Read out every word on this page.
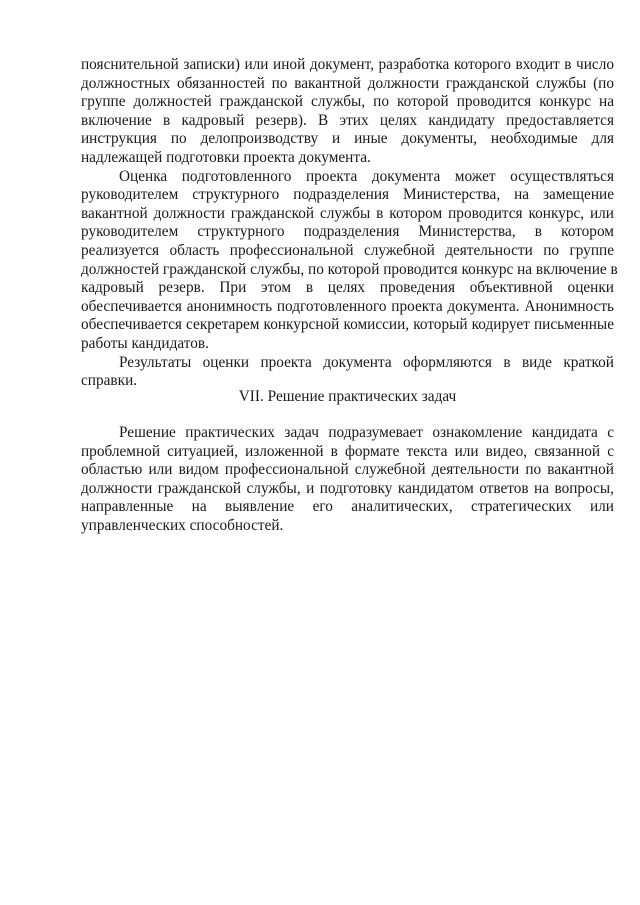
пояснительной записки) или иной документ, разработка которого входит в число
должностных обязанностей по вакантной должности гражданской службы (по
группе должностей гражданской службы, по которой проводится конкурс на
включение в кадровый резерв). В этих целях кандидату предоставляется
инструкция по делопроизводству и иные документы, необходимые для
надлежащей подготовки проекта документа.
Оценка подготовленного проекта документа может осуществляться
руководителем структурного подразделения Министерства, на замещение
вакантной должности гражданской службы в котором проводится конкурс, или
руководителем структурного подразделения Министерства, в котором
реализуется область профессиональной служебной деятельности по группе
должностей гражданской службы, по которой проводится конкурс на включение в
кадровый резерв. При этом в целях проведения объективной оценки
обеспечивается анонимность подготовленного проекта документа. Анонимность
обеспечивается секретарем конкурсной комиссии, который кодирует письменные
работы кандидатов.
Результаты оценки проекта документа оформляются в виде краткой
справки.
VII. Решение практических задач
Решение практических задач подразумевает ознакомление кандидата с
проблемной ситуацией, изложенной в формате текста или видео, связанной с
областью или видом профессиональной служебной деятельности по вакантной
должности гражданской службы, и подготовку кандидатом ответов на вопросы,
направленные на выявление его аналитических, стратегических или
управленческих способностей.
